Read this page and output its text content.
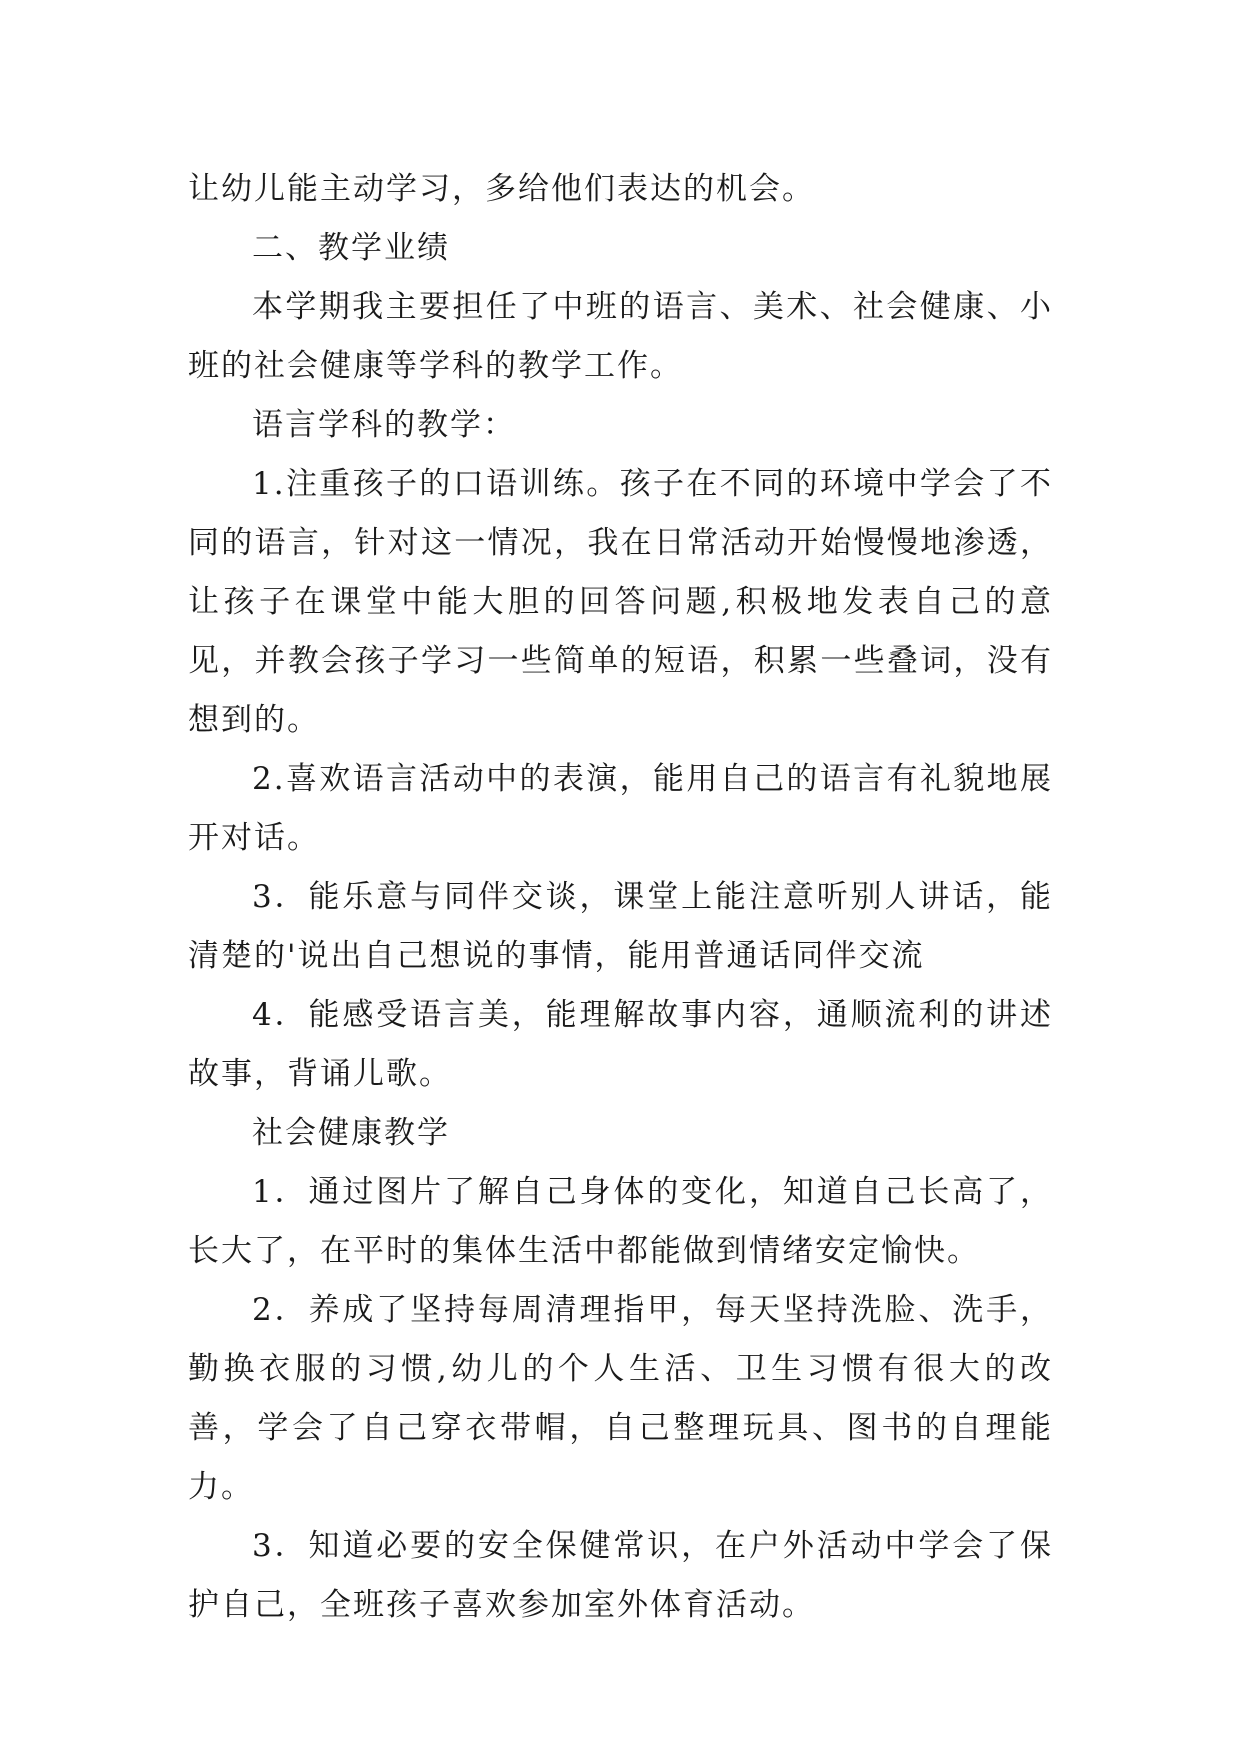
让幼儿能主动学习，多给他们表达的机会。

二、教学业绩

本学期我主要担任了中班的语言、美术、社会健康、小班的社会健康等学科的教学工作。

语言学科的教学：

1.注重孩子的口语训练。孩子在不同的环境中学会了不同的语言，针对这一情况，我在日常活动开始慢慢地渗透，让孩子在课堂中能大胆的回答问题,积极地发表自己的意见，并教会孩子学习一些简单的短语，积累一些叠词，没有想到的。

2.喜欢语言活动中的表演，能用自己的语言有礼貌地展开对话。

3．能乐意与同伴交谈，课堂上能注意听别人讲话，能清楚的'说出自己想说的事情，能用普通话同伴交流

4．能感受语言美，能理解故事内容，通顺流利的讲述故事，背诵儿歌。

社会健康教学

1．通过图片了解自己身体的变化，知道自己长高了，长大了，在平时的集体生活中都能做到情绪安定愉快。

2．养成了坚持每周清理指甲，每天坚持洗脸、洗手，勤换衣服的习惯,幼儿的个人生活、卫生习惯有很大的改善，学会了自己穿衣带帽，自己整理玩具、图书的自理能力。

3．知道必要的安全保健常识，在户外活动中学会了保护自己，全班孩子喜欢参加室外体育活动。
